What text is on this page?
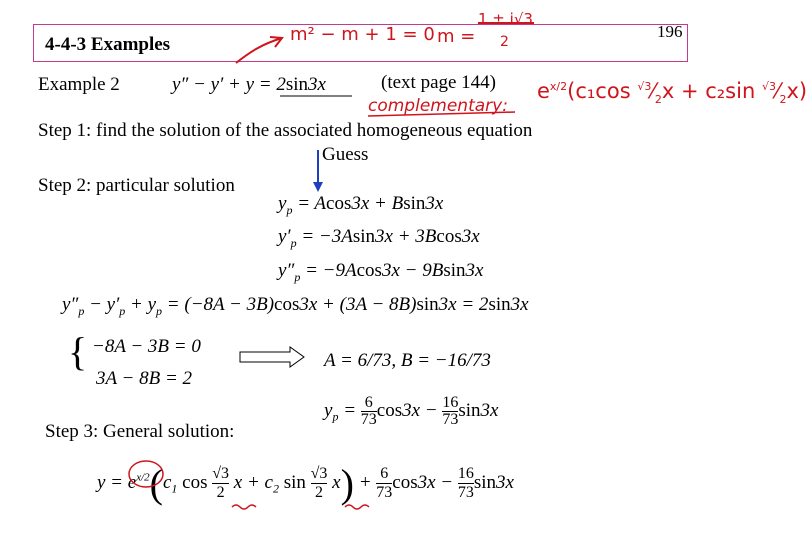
4-4-3 Examples
196
Example 2	y″ − y′ + y = 2sin3x	(text page 144)
m² − m + 1 = 0 m =
1 ± i√3
2
complementary:
$e^{x/2}(c_1\cos$ $^{√3}⁄_2x + c_2\sin$ $^{√3}⁄_2x$)
Step 1: find the solution of the associated homogeneous equation
Guess
Step 2: particular solution
$y_p = Acos3x + Bsin3x$
$y'_p = -3Asin3x + 3Bcos3x$
$y''_p = -9Acos3x - 9Bsin3x$
$y''_p - y'_p + y_p = (-8A - 3B)\cos 3x + (3A - 8B)\sin 3x = 2\sin 3x$
{ −8A − 3B = 0
3A − 8B = 2
A = 6/73, B = −16/73
$y_p = \frac{6}{73} \cos 3x - \frac{16}{73} \sin 3x$
Step 3: General solution:
$y = e^{x/2}(c_1$ $\cos \frac{√3}{2}$ $x + c_2$ $\sin \frac{√3}{2} x) + \frac{6}{73} \cos 3x - \frac{16}{73} \sin 3x$
